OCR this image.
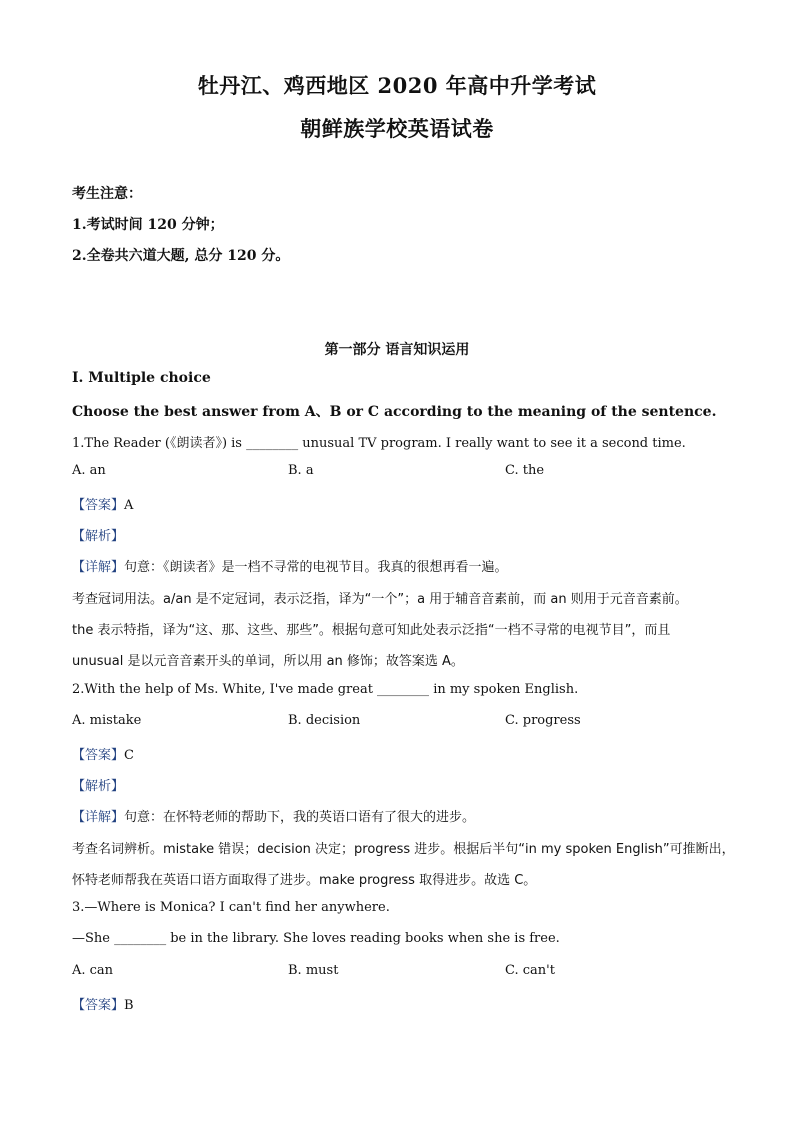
牡丹江、鸡西地区 2020 年高中升学考试
朝鲜族学校英语试卷
考生注意：
1.考试时间 120 分钟；
2.全卷共六道大题, 总分 120 分。
第一部分 语言知识运用
I. Multiple choice
Choose the best answer from A、B or C according to the meaning of the sentence.
1.The Reader (《朗读者》) is ________ unusual TV program. I really want to see it a second time.
A. an	B. a	C. the
【答案】A
【解析】
【详解】句意：《朗读者》是一档不寻常的电视节目。我真的很想再看一遍。
考查冠词用法。a/an 是不定冠词，表示泛指，译为“一个”；a 用于辅音音素前，而 an 则用于元音音素前。
the 表示特指，译为“这、那、这些、那些”。根据句意可知此处表示泛指“一档不寻常的电视节目”，而且
unusual 是以元音音素开头的单词，所以用 an 修饰；故答案选 A。
2.With the help of Ms. White, I've made great ________ in my spoken English.
A. mistake	B. decision	C. progress
【答案】C
【解析】
【详解】句意：在怀特老师的帮助下，我的英语口语有了很大的进步。
考查名词辨析。mistake 错误；decision 决定；progress 进步。根据后半句“in my spoken English”可推断出，
怀特老师帮我在英语口语方面取得了进步。make progress 取得进步。故选 C。
3.—Where is Monica? I can't find her anywhere.
—She ________ be in the library. She loves reading books when she is free.
A. can	B. must	C. can't
【答案】B
